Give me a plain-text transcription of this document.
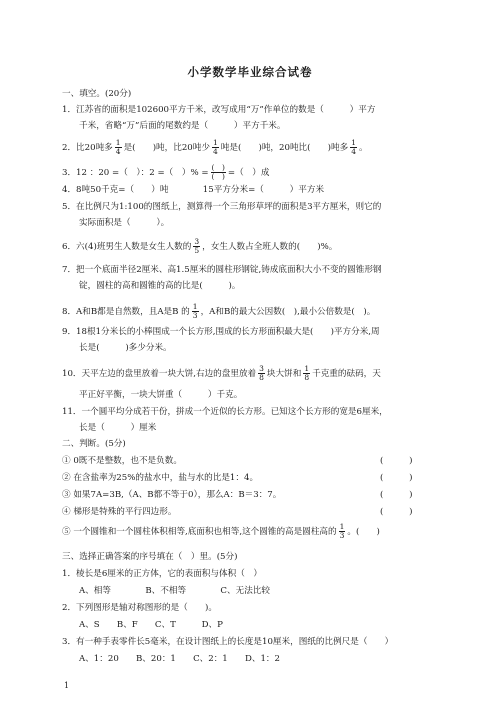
小学数学毕业综合试卷
一、填空。(20分)
1．江苏省的面积是102600平方千米，改写成用“万”作单位的数是（　　　）平方
千米，省略“万”后面的尾数约是（　　　）平方千米。
2．比20吨多 $\frac{1}{4}$ 是(　　)吨，比20吨少 $\frac{1}{4}$ 吨是(　　)吨，20吨比(　　)吨多 $\frac{1}{4}$ 。
3．12 ：20 =（　）：2 =（　）% = $\frac{( )}{( )}$ =（　）成
4．8吨50千克=（　　）吨　　　　15平方分米=（　　　）平方米
5．在比例尺为1:100的图纸上，测算得一个三角形草坪的面积是3平方厘米，则它的
实际面积是（　　　）。
6．六(4)班男生人数是女生人数的 $\frac{3}{5}$ ，女生人数占全班人数的(　　)%。
7．把一个底面半径2厘米、高1.5厘米的圆柱形钢锭,铸成底面积大小不变的圆锥形钢
锭，圆柱的高和圆锥的高的比是(　　　)。
8．A和B都是自然数，且A是B 的 $\frac{1}{3}$ ，A和B的最大公因数(　),最小公倍数是(　)。
9．18根1分米长的小棒围成一个长方形,围成的长方形面积最大是(　　)平方分米,周
长是(　　　)多少分米。
10．天平左边的盘里放着一块大饼,右边的盘里放着 $\frac{3}{8}$ 块大饼和 $\frac{1}{8}$ 千克重的砝码，天
平正好平衡，一块大饼重（　　　）千克。
11．一个圆平均分成若干份，拼成一个近似的长方形。已知这个长方形的宽是6厘米，
长是（　　　）厘米
二、判断。(5分)
① 0既不是整数，也不是负数。	(　　　)
② 在含盐率为25%的盐水中，盐与水的比是1：4。	(　　　)
③ 如果7A=3B,（A、B都不等于0），那么A：B＝3：7。	(　　　)
④ 梯形是特殊的平行四边形。	(　　　)
⑤ 一个圆锥和一个圆柱体积相等,底面积也相等,这个圆锥的高是圆柱高的 $\frac{1}{3}$ 。(　　)
三、选择正确答案的序号填在（　）里。(5分)
1．棱长是6厘米的正方体，它的表面积与体积（　）
A、相等　　　　B、不相等　　　　C、无法比较
2．下列图形是轴对称图形的是（　　)。
A、S　　B、F　　C、T　　　D、P
3．有一种手表零件长5毫米，在设计图纸上的长度是10厘米，图纸的比例尺是（　　）
A、1：20　　B、20：1　　C、2：1　　D、1：2
1
